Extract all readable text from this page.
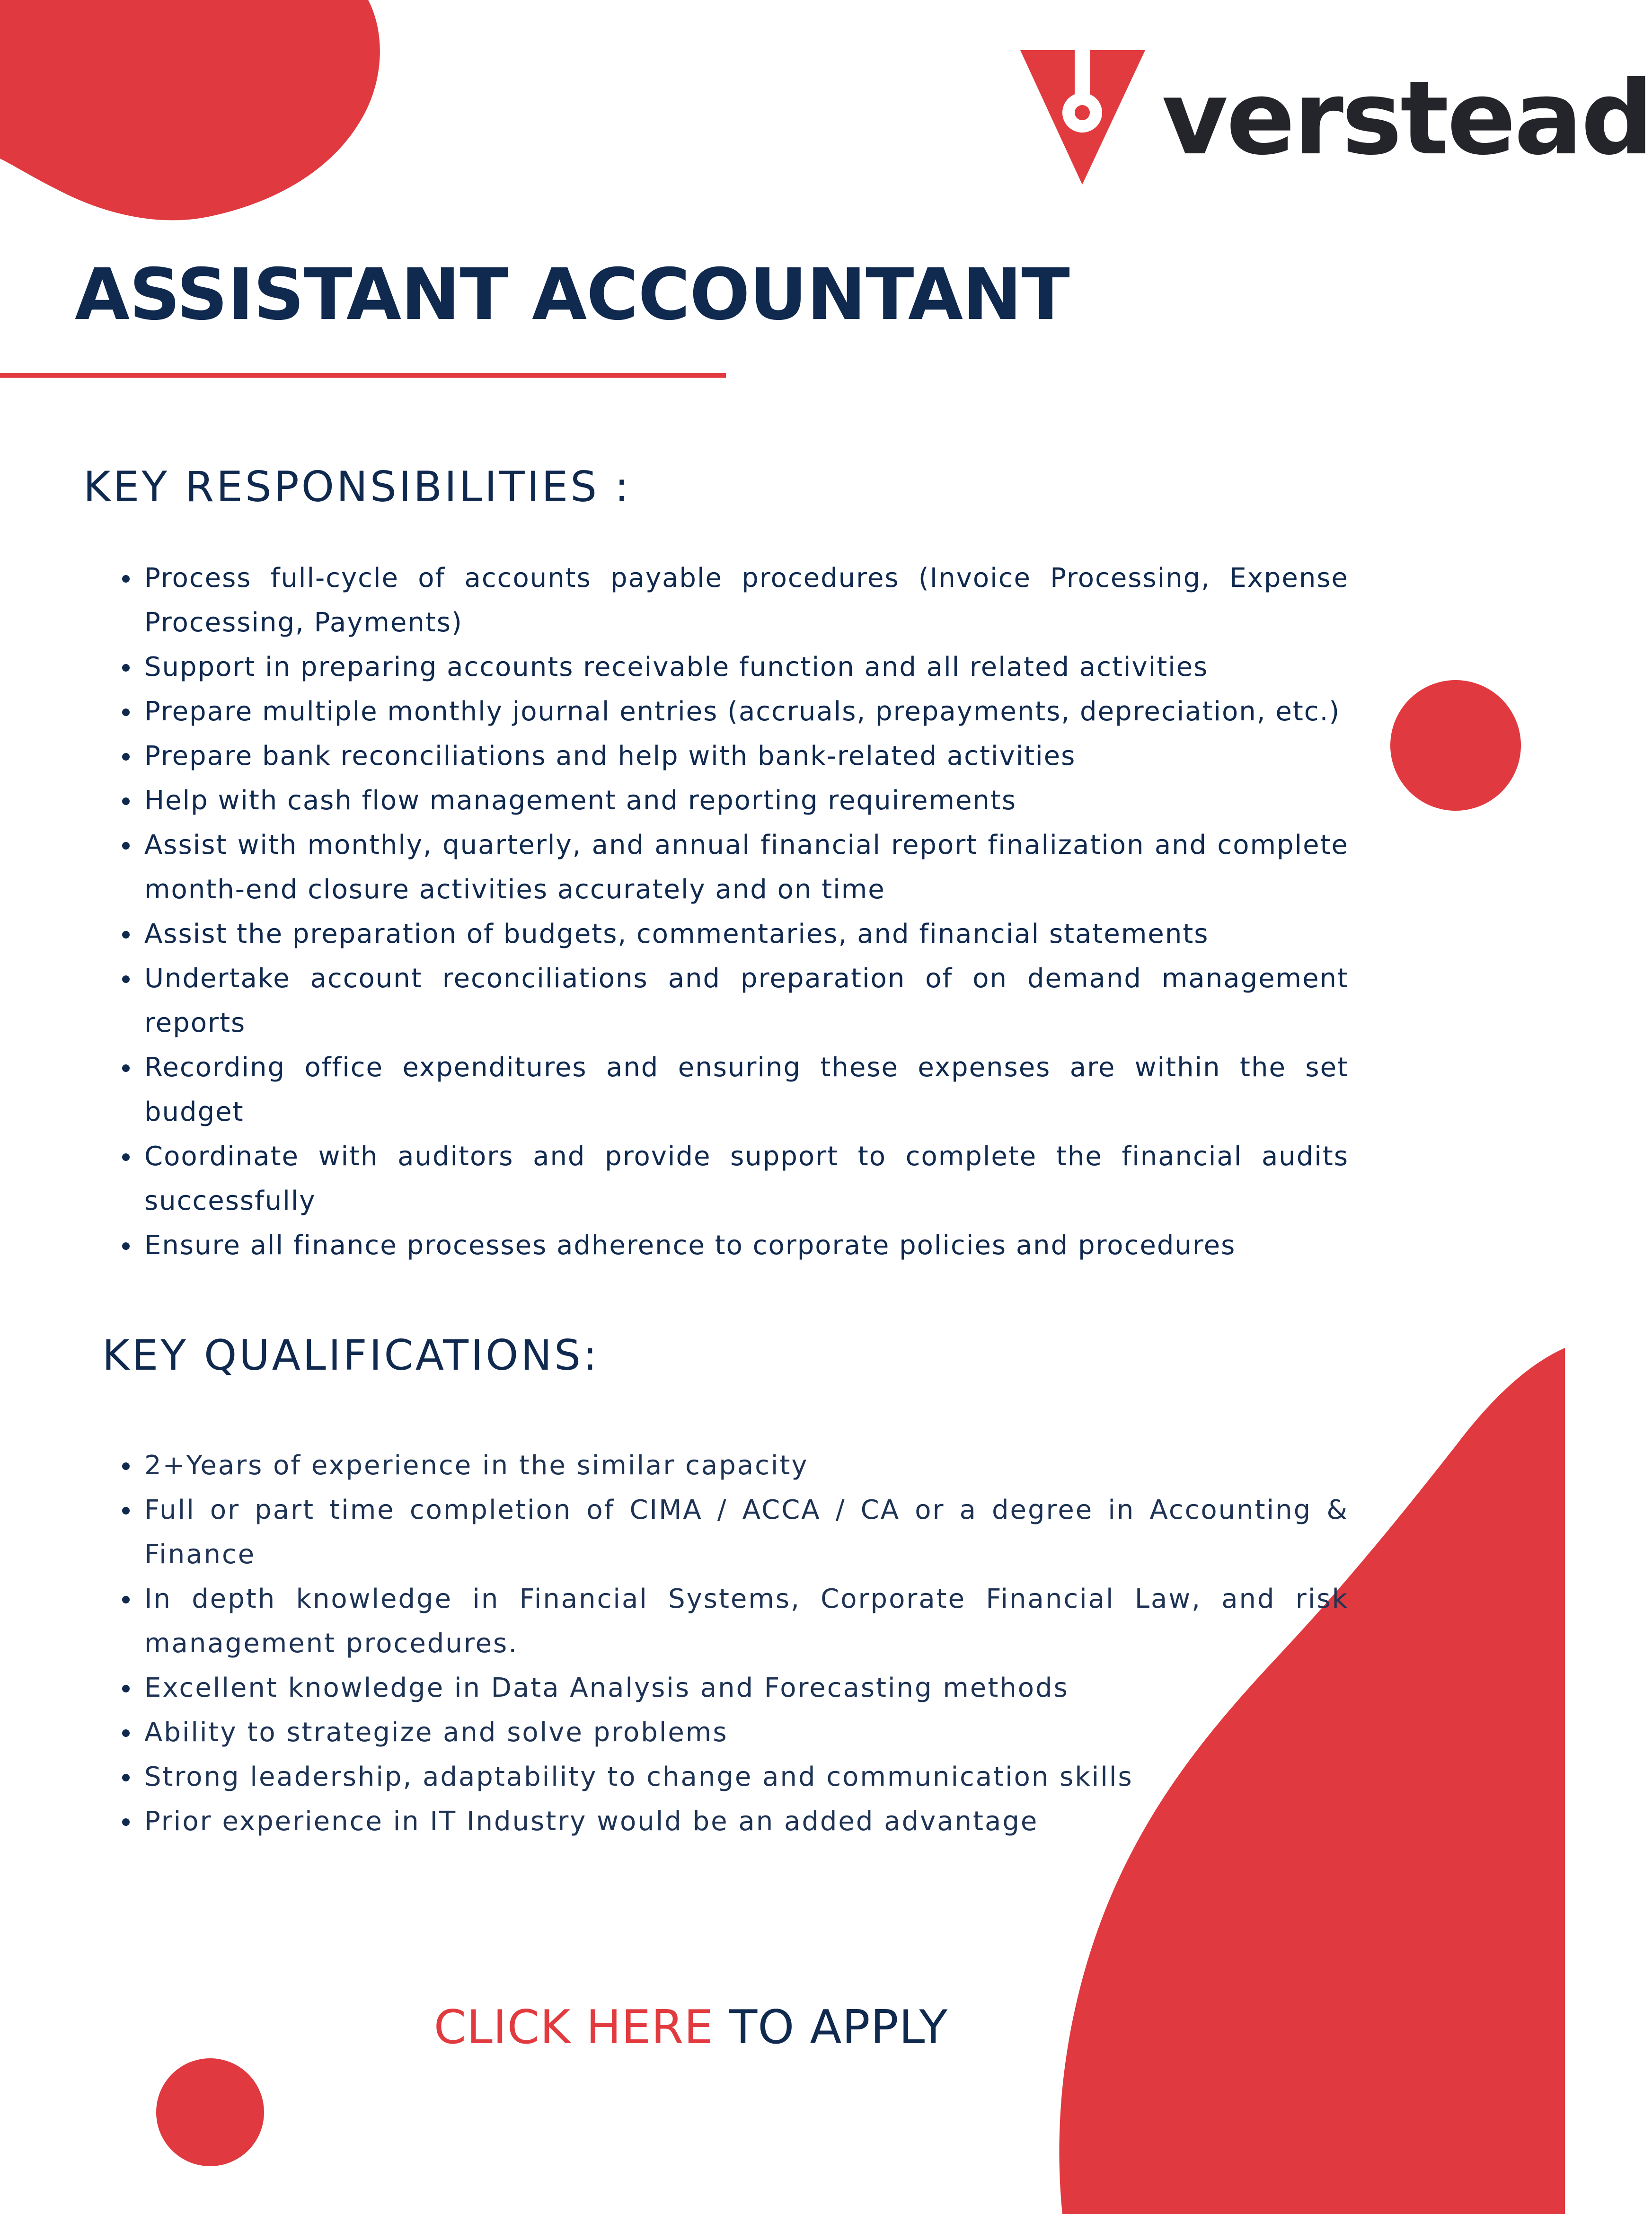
verstead
ASSISTANT ACCOUNTANT
KEY RESPONSIBILITIES :
Process full-cycle of accounts payable procedures (Invoice Processing, Expense Processing, Payments)
Support in preparing accounts receivable function and all related activities
Prepare multiple monthly journal entries (accruals, prepayments, depreciation, etc.)
Prepare bank reconciliations and help with bank-related activities
Help with cash flow management and reporting requirements
Assist with monthly, quarterly, and annual financial report finalization and complete month-end closure activities accurately and on time
Assist the preparation of budgets, commentaries, and financial statements
Undertake account reconciliations and preparation of on demand management reports
Recording office expenditures and ensuring these expenses are within the set budget
Coordinate with auditors and provide support to complete the financial audits successfully
Ensure all finance processes adherence to corporate policies and procedures
KEY QUALIFICATIONS:
2+Years of experience in the similar capacity
Full or part time completion of CIMA / ACCA / CA or a degree in Accounting & Finance
In depth knowledge in Financial Systems, Corporate Financial Law, and risk management procedures.
Excellent knowledge in Data Analysis and Forecasting methods
Ability to strategize and solve problems
Strong leadership, adaptability to change and communication skills
Prior experience in IT Industry would be an added advantage
CLICK HERE TO APPLY
